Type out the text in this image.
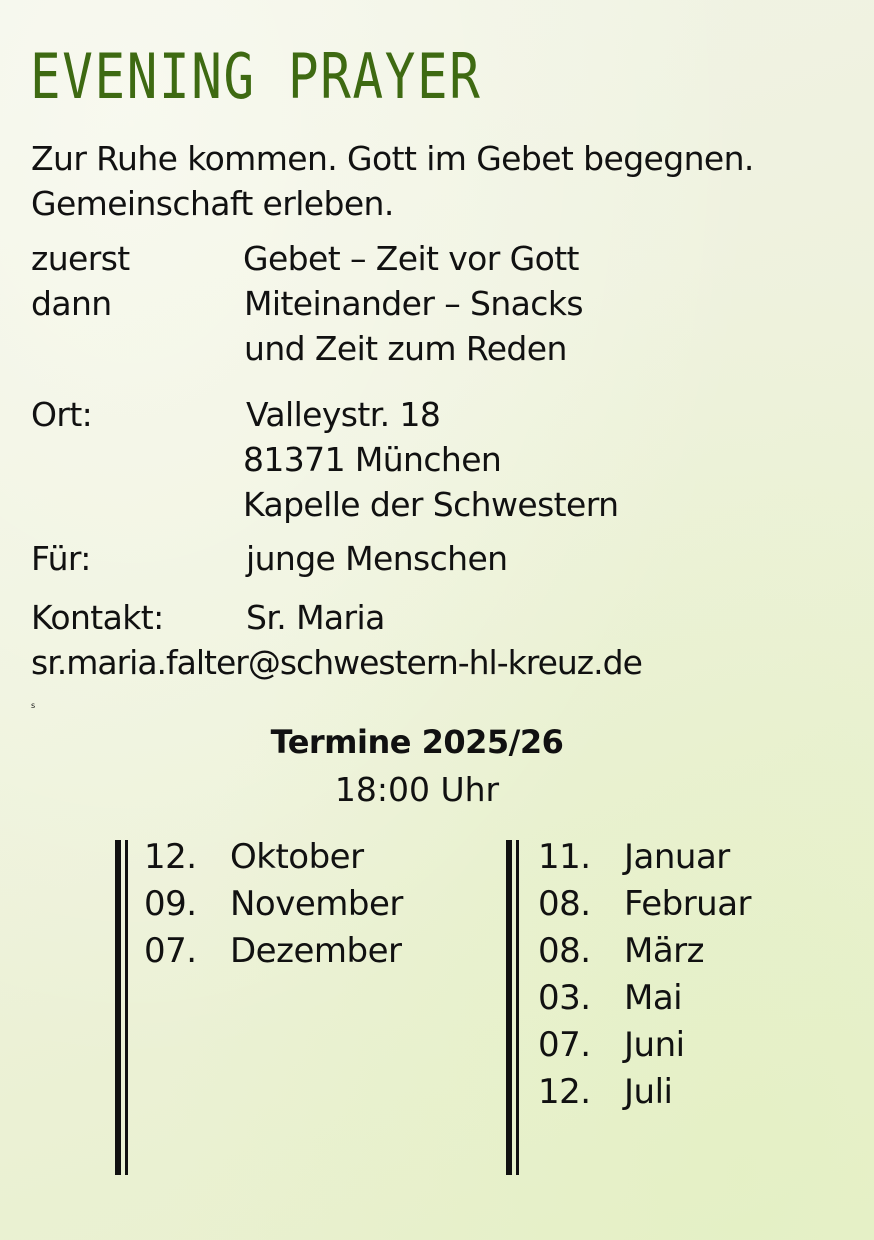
EVENING PRAYER
Zur Ruhe kommen. Gott im Gebet begegnen.
Gemeinschaft erleben.
zuerst	Gebet – Zeit vor Gott
dann	Miteinander – Snacks
und Zeit zum Reden
Ort:	Valleystr. 18
81371 München
Kapelle der Schwestern
Für:	junge Menschen
Kontakt: Sr. Maria
sr.maria.falter@schwestern-hl-kreuz.de
s
Termine 2025/26
18:00 Uhr
12. Oktober
09. November
07. Dezember
11. Januar
08. Februar
08. März
03. Mai
07. Juni
12. Juli
